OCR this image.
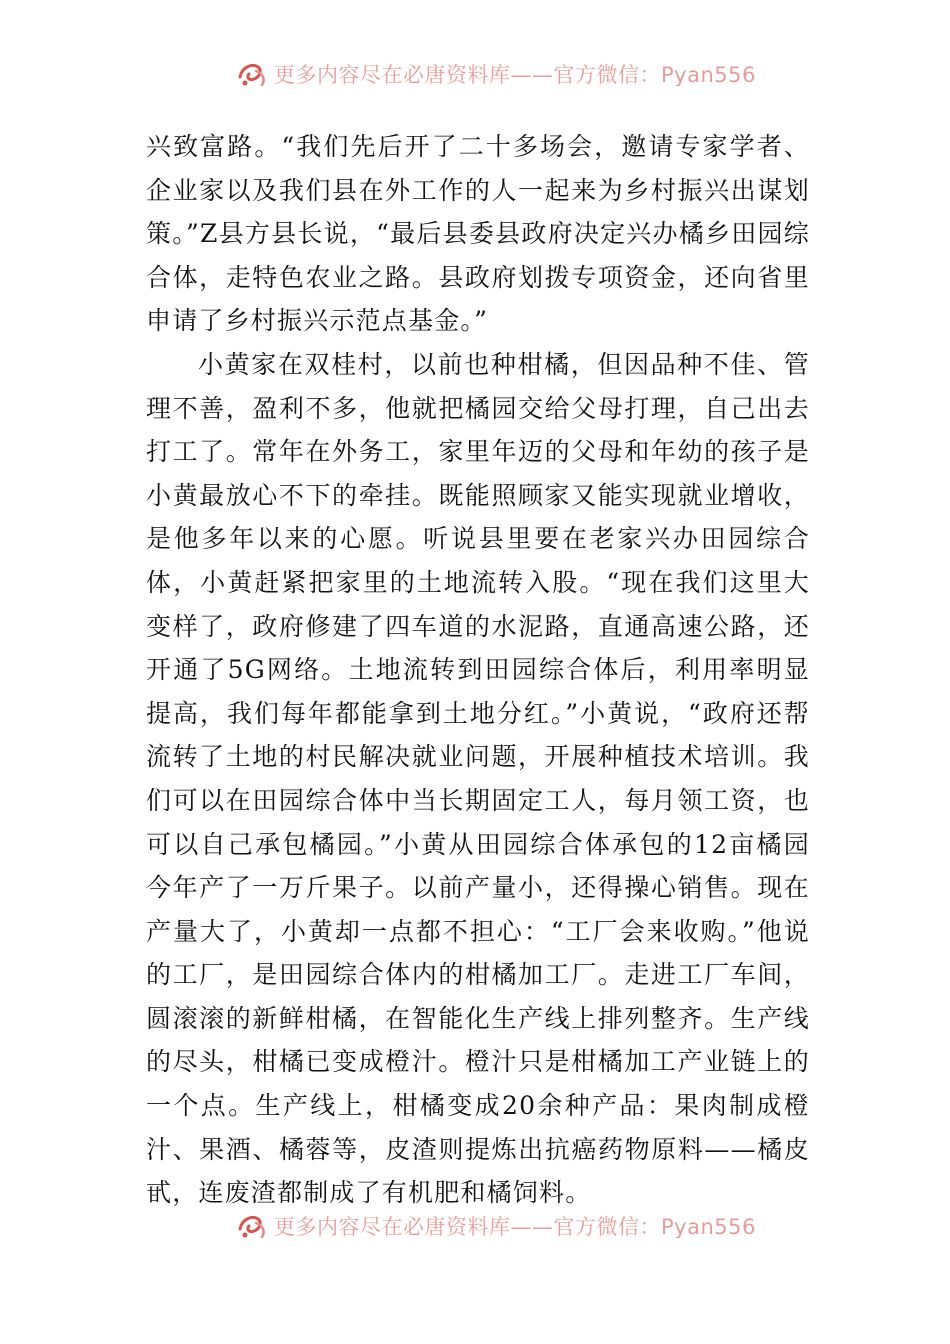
更多内容尽在必唐资料库——官方微信：Pyan556

兴致富路。“我们先后开了二十多场会，邀请专家学者、企业家以及我们县在外工作的人一起来为乡村振兴出谋划策。”Z县方县长说，“最后县委县政府决定兴办橘乡田园综合体，走特色农业之路。县政府划拨专项资金，还向省里申请了乡村振兴示范点基金。”

小黄家在双桂村，以前也种柑橘，但因品种不佳、管理不善，盈利不多，他就把橘园交给父母打理，自己出去打工了。常年在外务工，家里年迈的父母和年幼的孩子是小黄最放心不下的牵挂。既能照顾家又能实现就业增收，是他多年以来的心愿。听说县里要在老家兴办田园综合体，小黄赶紧把家里的土地流转入股。“现在我们这里大变样了，政府修建了四车道的水泥路，直通高速公路，还开通了5G网络。土地流转到田园综合体后，利用率明显提高，我们每年都能拿到土地分红。”小黄说，“政府还帮流转了土地的村民解决就业问题，开展种植技术培训。我们可以在田园综合体中当长期固定工人，每月领工资，也可以自己承包橘园。”小黄从田园综合体承包的12亩橘园今年产了一万斤果子。以前产量小，还得操心销售。现在产量大了，小黄却一点都不担心：“工厂会来收购。”他说的工厂，是田园综合体内的柑橘加工厂。走进工厂车间，圆滚滚的新鲜柑橘，在智能化生产线上排列整齐。生产线的尽头，柑橘已变成橙汁。橙汁只是柑橘加工产业链上的一个点。生产线上，柑橘变成20余种产品：果肉制成橙汁、果酒、橘蓉等，皮渣则提炼出抗癌药物原料——橘皮甙，连废渣都制成了有机肥和橘饲料。

更多内容尽在必唐资料库——官方微信：Pyan556
